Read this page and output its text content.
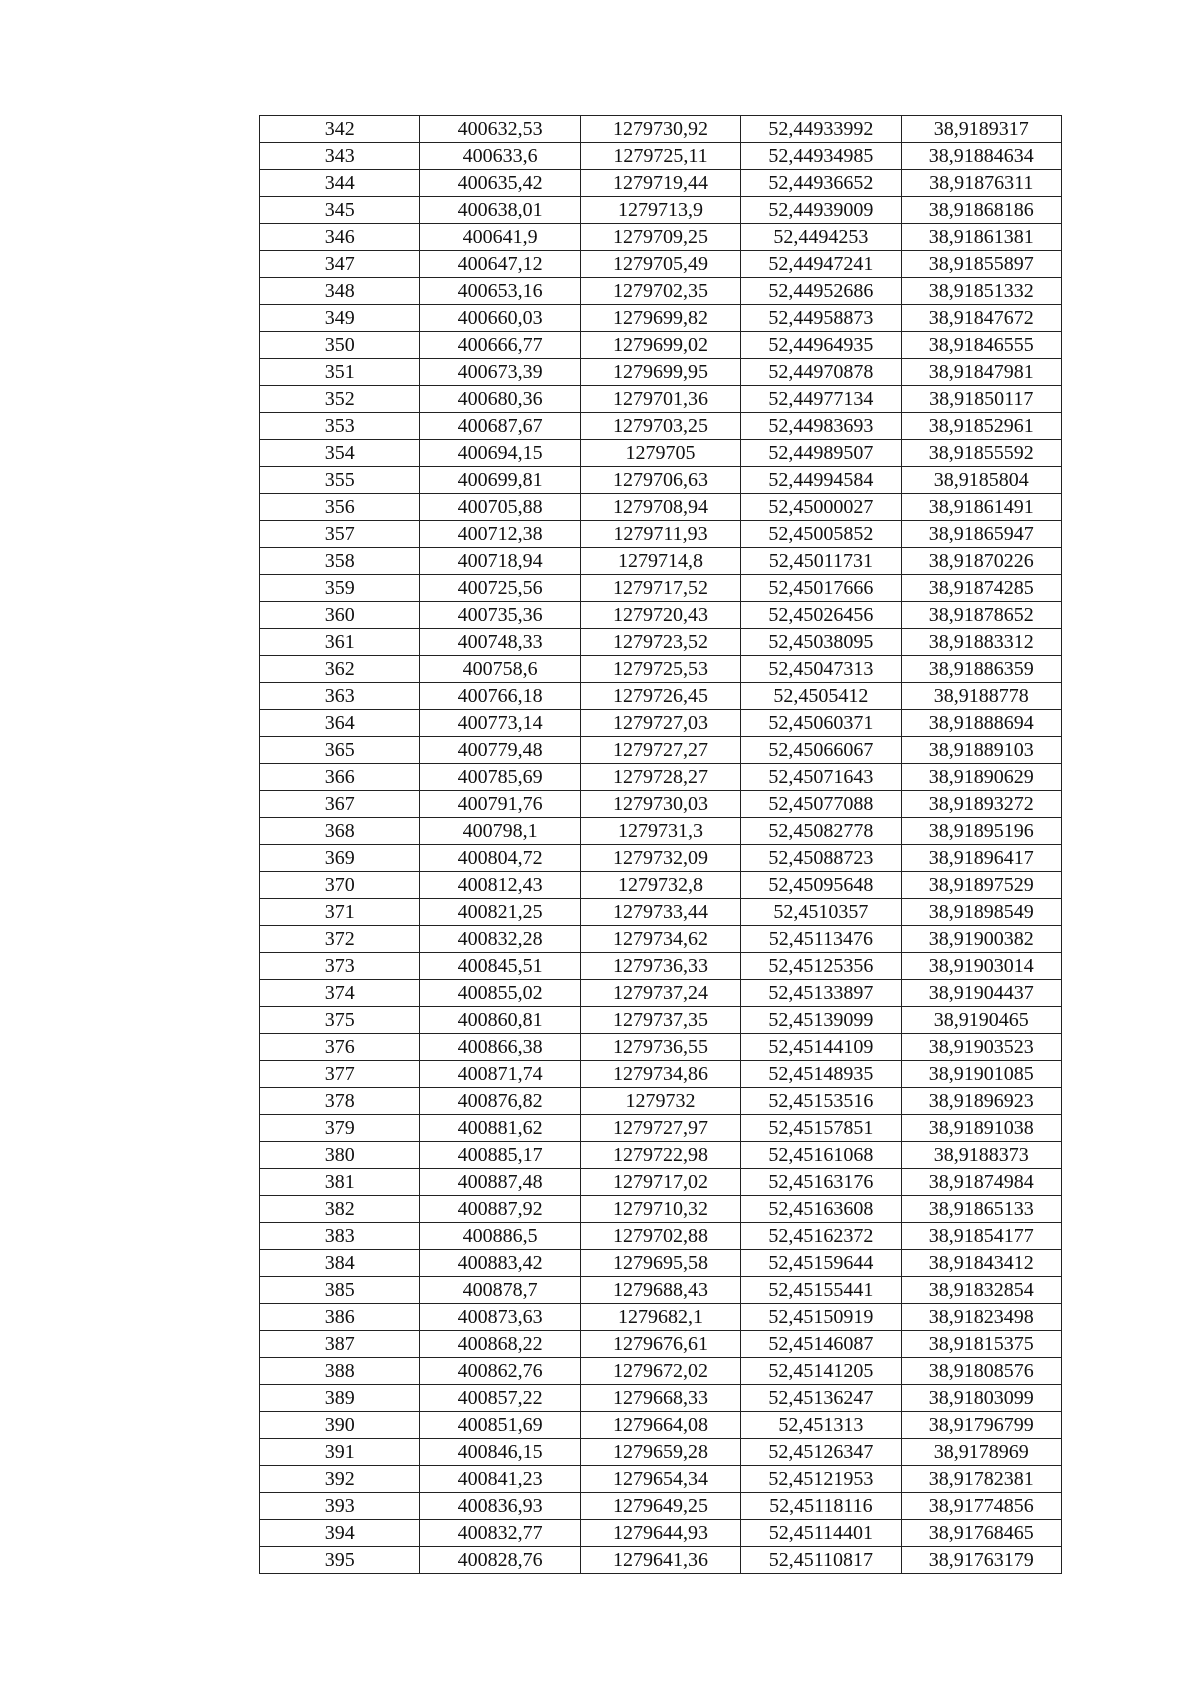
342	400632,53	1279730,92	52,44933992	38,9189317
343	400633,6	1279725,11	52,44934985	38,91884634
344	400635,42	1279719,44	52,44936652	38,91876311
345	400638,01	1279713,9	52,44939009	38,91868186
346	400641,9	1279709,25	52,4494253	38,91861381
347	400647,12	1279705,49	52,44947241	38,91855897
348	400653,16	1279702,35	52,44952686	38,91851332
349	400660,03	1279699,82	52,44958873	38,91847672
350	400666,77	1279699,02	52,44964935	38,91846555
351	400673,39	1279699,95	52,44970878	38,91847981
352	400680,36	1279701,36	52,44977134	38,91850117
353	400687,67	1279703,25	52,44983693	38,91852961
354	400694,15	1279705	52,44989507	38,91855592
355	400699,81	1279706,63	52,44994584	38,9185804
356	400705,88	1279708,94	52,45000027	38,91861491
357	400712,38	1279711,93	52,45005852	38,91865947
358	400718,94	1279714,8	52,45011731	38,91870226
359	400725,56	1279717,52	52,45017666	38,91874285
360	400735,36	1279720,43	52,45026456	38,91878652
361	400748,33	1279723,52	52,45038095	38,91883312
362	400758,6	1279725,53	52,45047313	38,91886359
363	400766,18	1279726,45	52,4505412	38,9188778
364	400773,14	1279727,03	52,45060371	38,91888694
365	400779,48	1279727,27	52,45066067	38,91889103
366	400785,69	1279728,27	52,45071643	38,91890629
367	400791,76	1279730,03	52,45077088	38,91893272
368	400798,1	1279731,3	52,45082778	38,91895196
369	400804,72	1279732,09	52,45088723	38,91896417
370	400812,43	1279732,8	52,45095648	38,91897529
371	400821,25	1279733,44	52,4510357	38,91898549
372	400832,28	1279734,62	52,45113476	38,91900382
373	400845,51	1279736,33	52,45125356	38,91903014
374	400855,02	1279737,24	52,45133897	38,91904437
375	400860,81	1279737,35	52,45139099	38,9190465
376	400866,38	1279736,55	52,45144109	38,91903523
377	400871,74	1279734,86	52,45148935	38,91901085
378	400876,82	1279732	52,45153516	38,91896923
379	400881,62	1279727,97	52,45157851	38,91891038
380	400885,17	1279722,98	52,45161068	38,9188373
381	400887,48	1279717,02	52,45163176	38,91874984
382	400887,92	1279710,32	52,45163608	38,91865133
383	400886,5	1279702,88	52,45162372	38,91854177
384	400883,42	1279695,58	52,45159644	38,91843412
385	400878,7	1279688,43	52,45155441	38,91832854
386	400873,63	1279682,1	52,45150919	38,91823498
387	400868,22	1279676,61	52,45146087	38,91815375
388	400862,76	1279672,02	52,45141205	38,91808576
389	400857,22	1279668,33	52,45136247	38,91803099
390	400851,69	1279664,08	52,451313	38,91796799
391	400846,15	1279659,28	52,45126347	38,9178969
392	400841,23	1279654,34	52,45121953	38,91782381
393	400836,93	1279649,25	52,45118116	38,91774856
394	400832,77	1279644,93	52,45114401	38,91768465
395	400828,76	1279641,36	52,45110817	38,91763179
